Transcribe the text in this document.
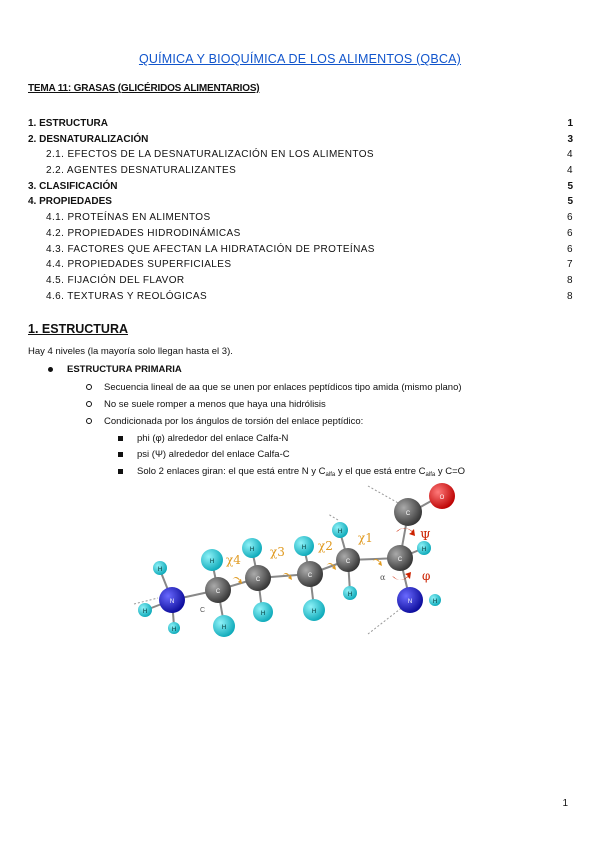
QUÍMICA Y BIOQUÍMICA DE LOS ALIMENTOS (QBCA)
TEMA 11: GRASAS (GLICÉRIDOS ALIMENTARIOS)
1. ESTRUCTURA	1
2. DESNATURALIZACIÓN	3
2.1. EFECTOS DE LA DESNATURALIZACIÓN EN LOS ALIMENTOS	4
2.2. AGENTES DESNATURALIZANTES	4
3. CLASIFICACIÓN	5
4. PROPIEDADES	5
4.1. PROTEÍNAS EN ALIMENTOS	6
4.2. PROPIEDADES HIDRODINÁMICAS	6
4.3. FACTORES QUE AFECTAN LA HIDRATACIÓN DE PROTEÍNAS	6
4.4. PROPIEDADES SUPERFICIALES	7
4.5. FIJACIÓN DEL FLAVOR	8
4.6. TEXTURAS Y REOLÓGICAS	8
1. ESTRUCTURA
Hay 4 niveles (la mayoría solo llegan hasta el 3).
ESTRUCTURA PRIMARIA
Secuencia lineal de aa que se unen por enlaces peptídicos tipo amida (mismo plano)
No se suele romper a menos que haya una hidrólisis
Condicionada por los ángulos de torsión del enlace peptídico:
phi (φ) alrededor del enlace Calfa-N
psi (Ψ) alrededor del enlace Calfa-C
Solo 2 enlaces giran: el que está entre N y $C_{alfa}$ y el que está entre $C_{alfa}$ y C=O
H
H
H
H
H
H
H
H
H
H
H
H
H
N	N
C
C
C
C	C
C
O
χ4
χ3	χ2
χ1	Ψ
φ
α
C
1
